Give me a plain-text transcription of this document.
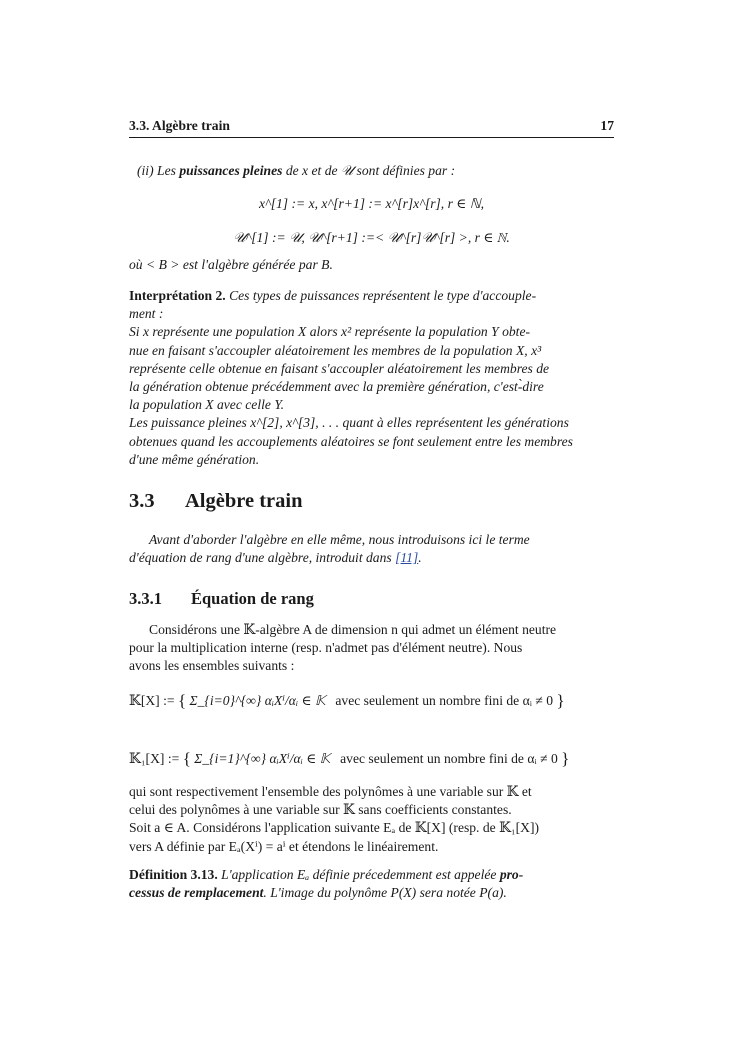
3.3. Algèbre train	17
(ii) Les puissances pleines de x et de 𝒰 sont définies par :
x^[1] := x, x^[r+1] := x^[r]x^[r], r ∈ ℕ,
𝒰^[1] := 𝒰, 𝒰^[r+1] :=< 𝒰^[r]𝒰^[r] >, r ∈ ℕ.
où < B > est l'algèbre générée par B.
Interprétation 2. Ces types de puissances représentent le type d'accouple-
ment :
Si x représente une population X alors x² représente la population Y obte-
nue en faisant s'accoupler aléatoirement les membres de la population X, x³
représente celle obtenue en faisant s'accoupler aléatoirement les membres de
la génération obtenue précédemment avec la première génération, c'est-̀dire
la population X avec celle Y.
Les puissance pleines x^[2], x^[3], . . . quant à elles représentent les générations
obtenues quand les accouplements aléatoires se font seulement entre les membres
d'une même génération.
3.3 Algèbre train
Avant d'aborder l'algèbre en elle même, nous introduisons ici le terme
d'équation de rang d'une algèbre, introduit dans [11].
3.3.1 Équation de rang
Considérons une 𝕂-algèbre A de dimension n qui admet un élément neutre
pour la multiplication interne (resp. n'admet pas d'élément neutre). Nous
avons les ensembles suivants :
𝕂[X] := { Σ_{i=0}^{∞} αᵢXⁱ/αᵢ ∈ 𝕂 avec seulement un nombre fini de αᵢ ≠ 0 }
𝕂₁[X] := { Σ_{i=1}^{∞} αᵢXⁱ/αᵢ ∈ 𝕂 avec seulement un nombre fini de αᵢ ≠ 0 }
qui sont respectivement l'ensemble des polynômes à une variable sur 𝕂 et
celui des polynômes à une variable sur 𝕂 sans coefficients constantes.
Soit a ∈ A. Considérons l'application suivante Eₐ de 𝕂[X] (resp. de 𝕂₁[X])
vers A définie par Eₐ(Xⁱ) = aⁱ et étendons le linéairement.
Définition 3.13. L'application Eₐ définie précedemment est appelée pro-
cessus de remplacement. L'image du polynôme P(X) sera notée P(a).
